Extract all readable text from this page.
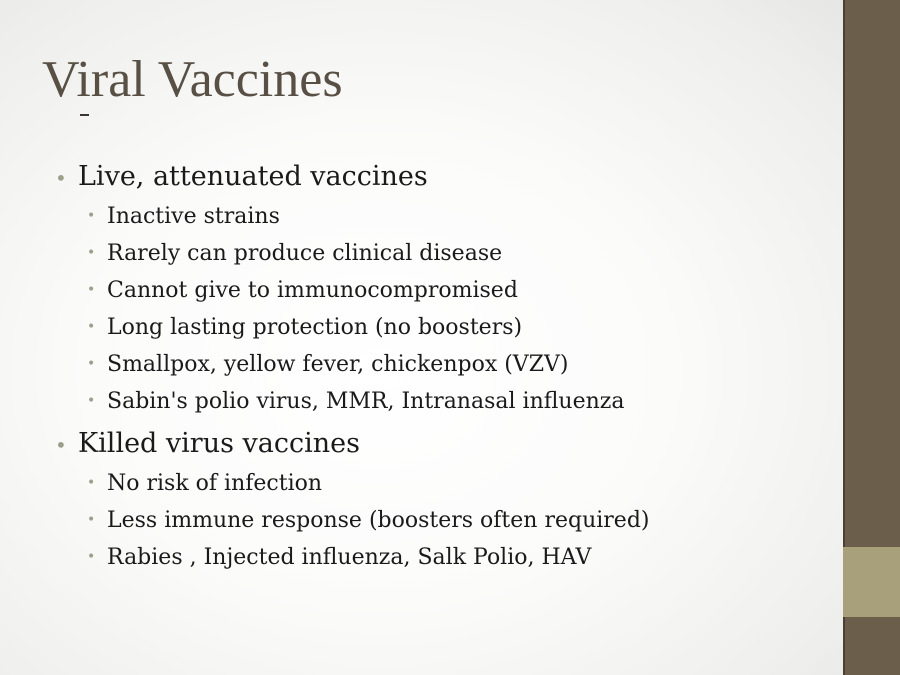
Viral Vaccines
• Live, attenuated vaccines
• Inactive strains
• Rarely can produce clinical disease
• Cannot give to immunocompromised
• Long lasting protection (no boosters)
• Smallpox, yellow fever, chickenpox (VZV)
• Sabin's polio virus, MMR, Intranasal influenza
• Killed virus vaccines
• No risk of infection
• Less immune response (boosters often required)
• Rabies , Injected influenza, Salk Polio, HAV
